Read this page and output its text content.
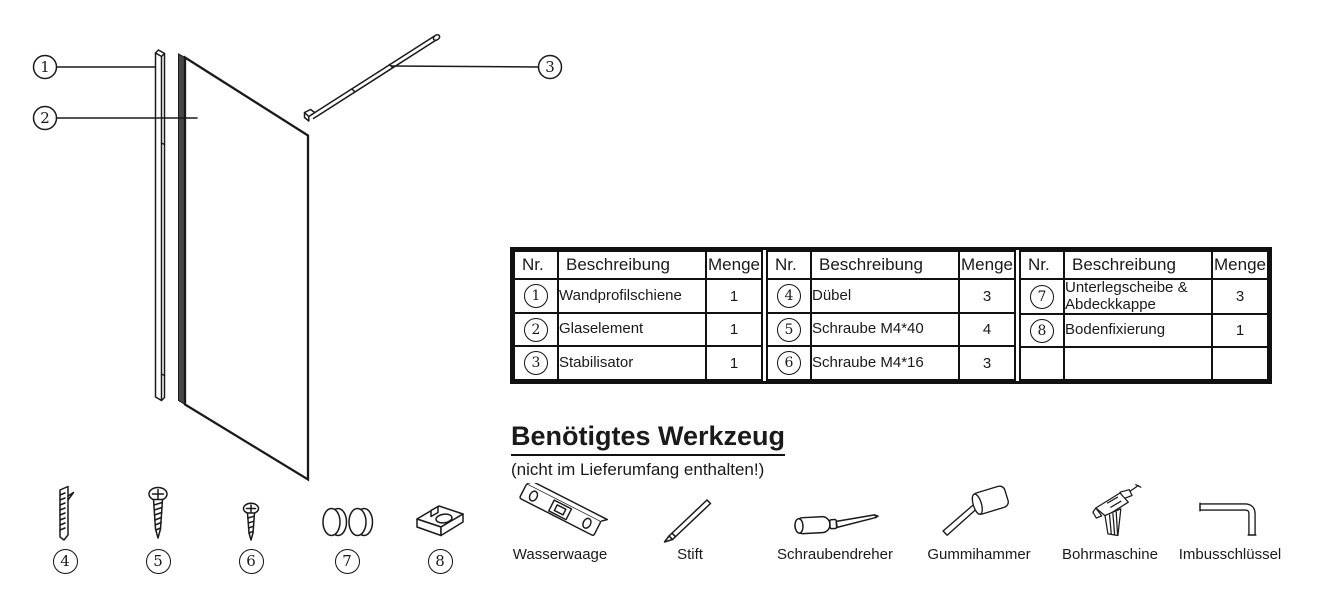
1
2
3
Nr.	Beschreibung	Menge
1	Wandprofilschiene	1
2	Glaselement	1
3	Stabilisator	1
Nr.	Beschreibung	Menge
4	Dübel	3
5	Schraube M4*40	4
6	Schraube M4*16	3
Nr.	Beschreibung	Menge
7	Unterlegscheibe & Abdeckkappe	3
8	Bodenfixierung	1

Benötigtes Werkzeug
(nicht im Lieferumfang enthalten!)
Wasserwaage	Stift	Schraubendreher Gummihammer Bohrmaschine Imbusschlüssel
4	5	6	7	8
